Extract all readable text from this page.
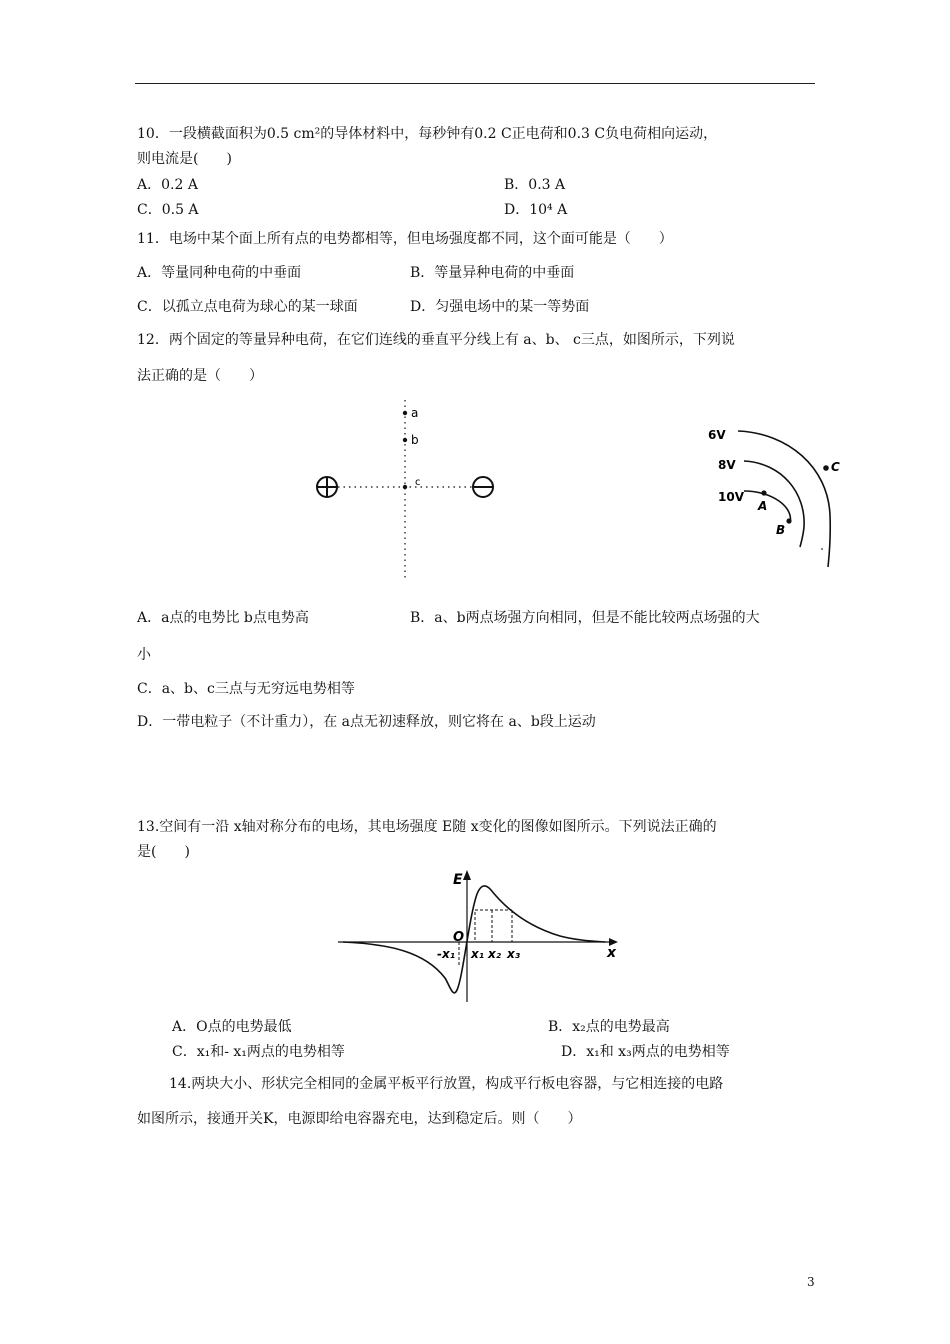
10．一段横截面积为0.5 cm²的导体材料中，每秒钟有0.2 C正电荷和0.3 C负电荷相向运动，
则电流是(　　)
A．0.2 A	B．0.3 A
C．0.5 A	D．10⁴ A
11．电场中某个面上所有点的电势都相等，但电场强度都不同，这个面可能是（　　）
A．等量同种电荷的中垂面	B．等量异种电荷的中垂面
C．以孤立点电荷为球心的某一球面	D．匀强电场中的某一等势面
12．两个固定的等量异种电荷，在它们连线的垂直平分线上有 a、b、 c三点，如图所示，下列说
法正确的是（　　）
a
b
c
6V
8V
10V
A
B
C
A．a点的电势比 b点电势高	B．a、b两点场强方向相同，但是不能比较两点场强的大
小
C．a、b、c三点与无穷远电势相等
D．一带电粒子（不计重力），在 a点无初速释放，则它将在 a、b段上运动
13.空间有一沿 x轴对称分布的电场，其电场强度 E随 x变化的图像如图所示。下列说法正确的
是(　　)
E
x
O
-x₁ x₁ x₂ x₃
A．O点的电势最低	B．x₂点的电势最高
C．x₁和- x₁两点的电势相等	D．x₁和 x₃两点的电势相等
14.两块大小、形状完全相同的金属平板平行放置，构成平行板电容器，与它相连接的电路
如图所示，接通开关K，电源即给电容器充电，达到稳定后。则（　　）
3
